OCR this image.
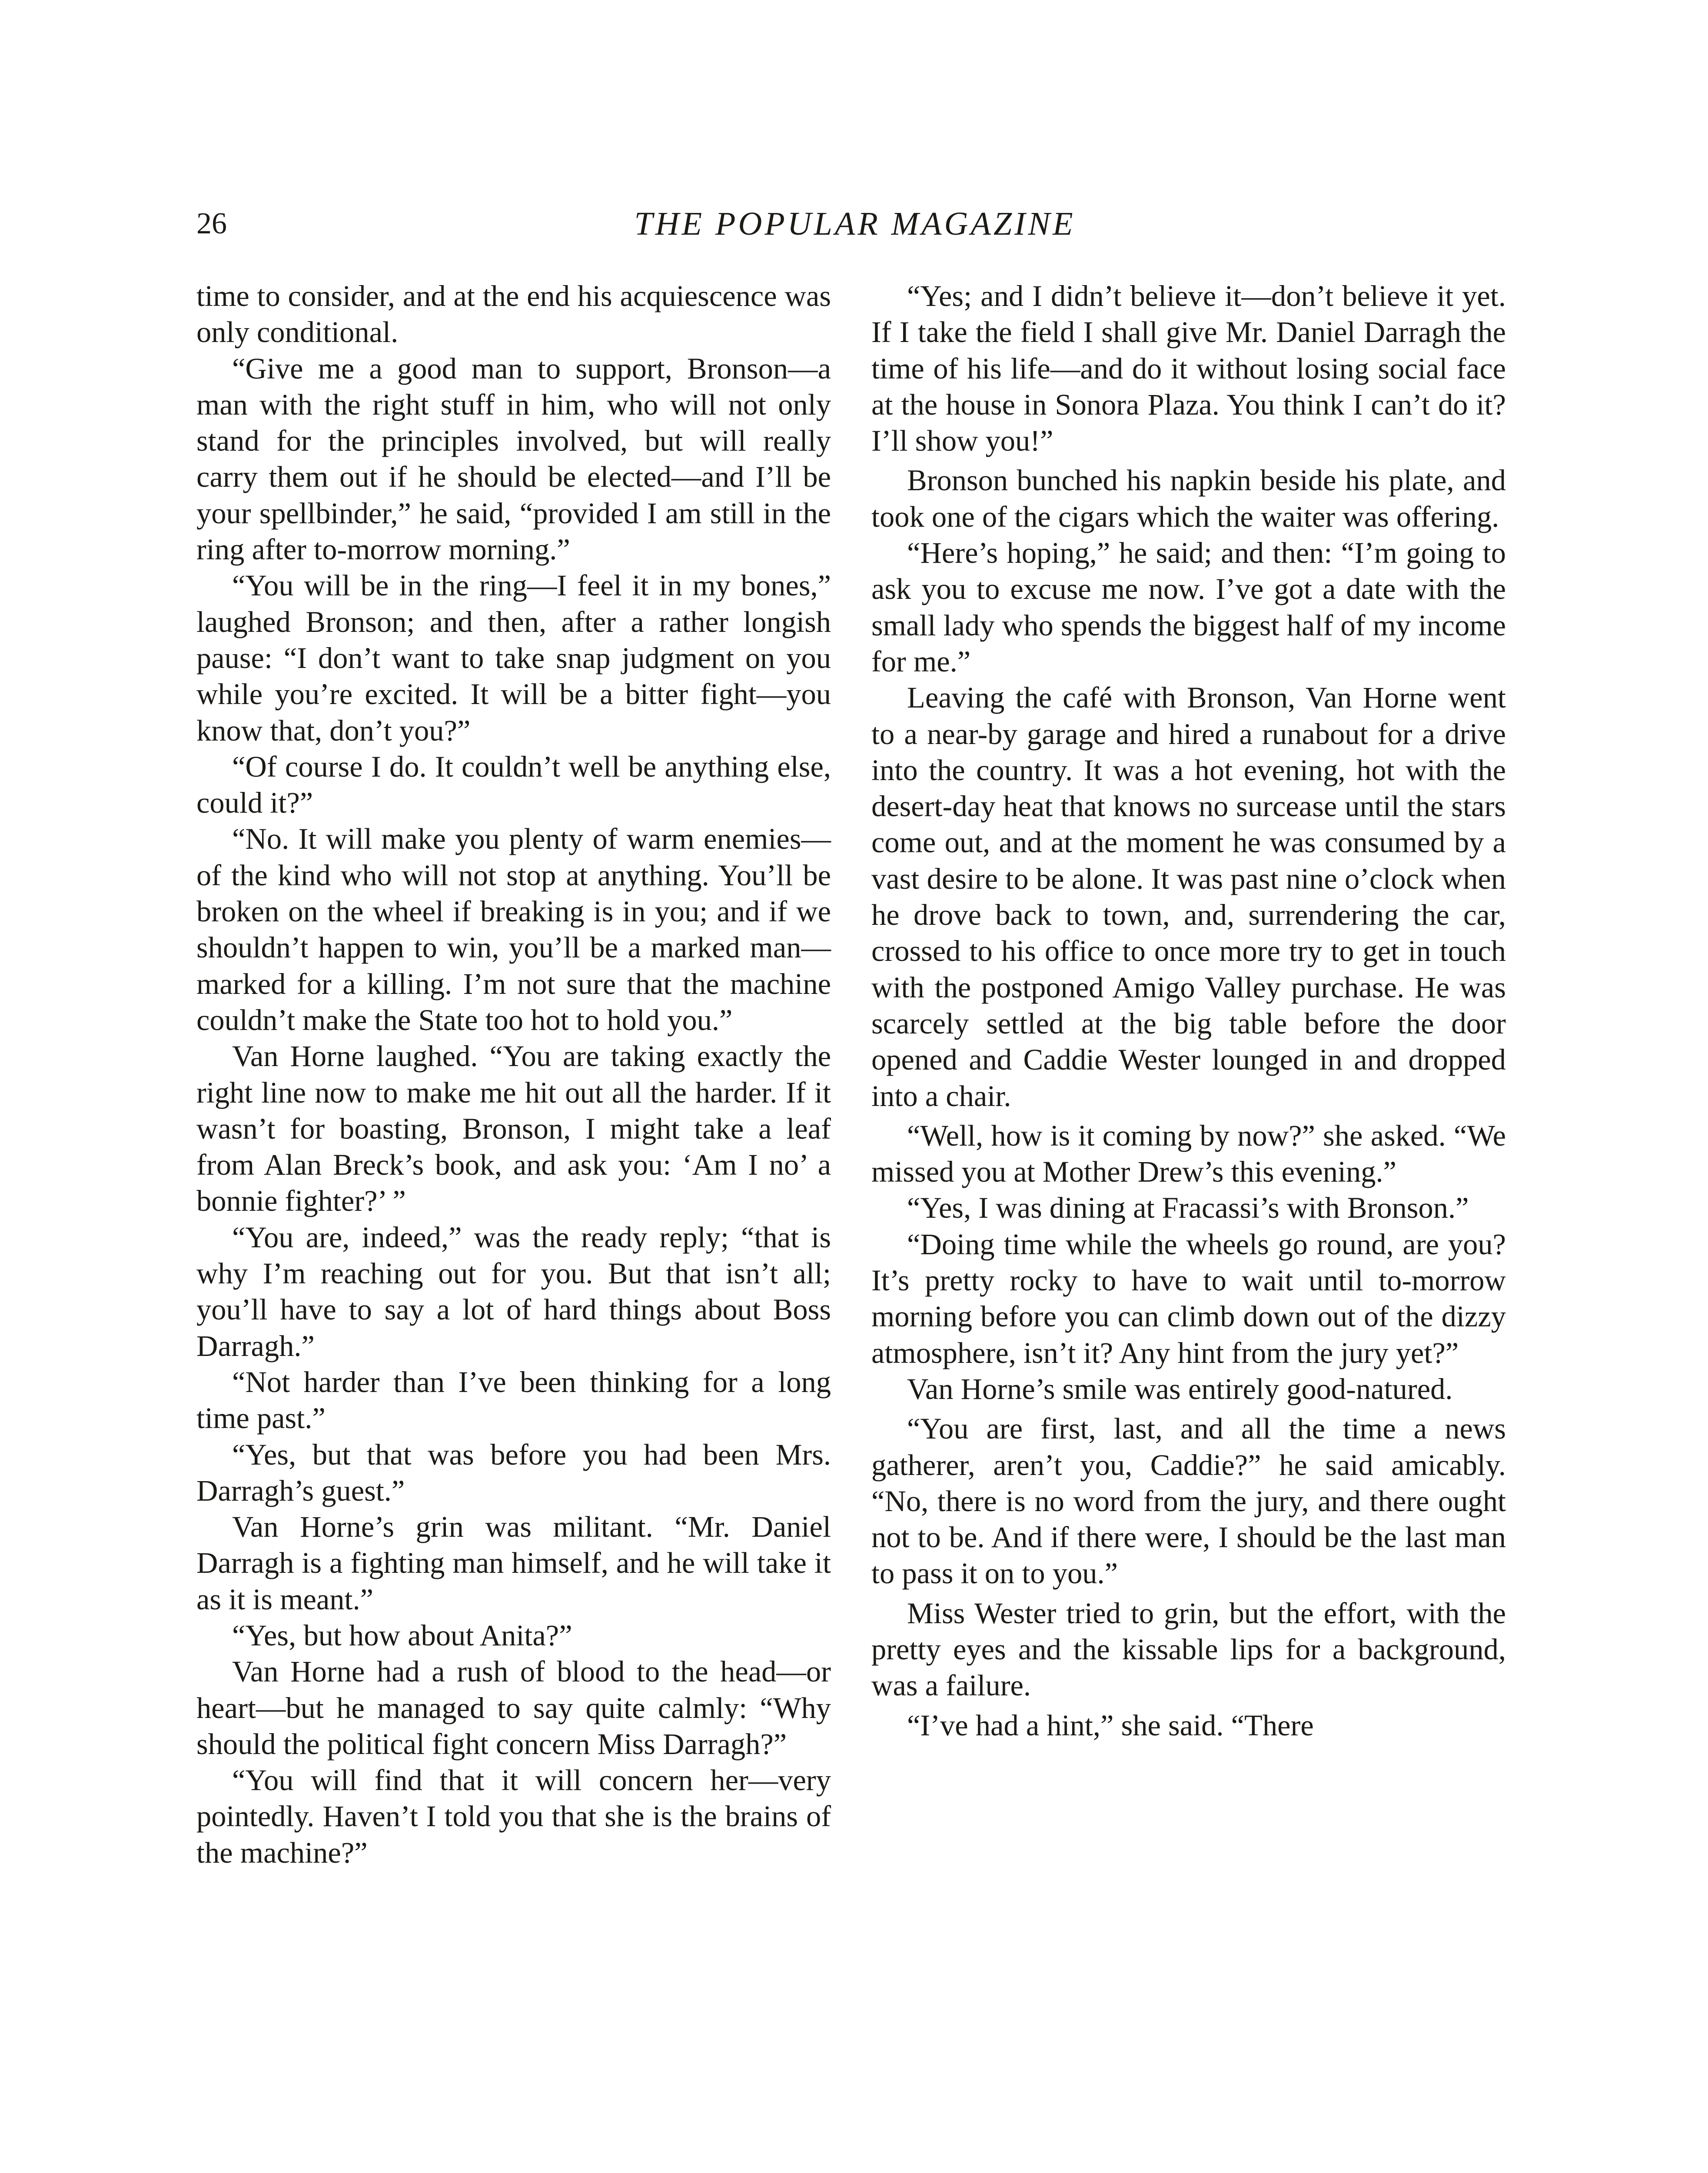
26	THE POPULAR MAGAZINE

time to consider, and at the end his acquiescence was only conditional.

“Give me a good man to support, Bronson—a man with the right stuff in him, who will not only stand for the principles involved, but will really carry them out if he should be elected—and I’ll be your spellbinder,” he said, “provided I am still in the ring after to-morrow morning.”

“You will be in the ring—I feel it in my bones,” laughed Bronson; and then, after a rather longish pause: “I don’t want to take snap judgment on you while you’re excited. It will be a bitter fight—you know that, don’t you?”

“Of course I do. It couldn’t well be anything else, could it?”

“No. It will make you plenty of warm enemies—of the kind who will not stop at anything. You’ll be broken on the wheel if breaking is in you; and if we shouldn’t happen to win, you’ll be a marked man—marked for a killing. I’m not sure that the machine couldn’t make the State too hot to hold you.”

Van Horne laughed. “You are taking exactly the right line now to make me hit out all the harder. If it wasn’t for boasting, Bronson, I might take a leaf from Alan Breck’s book, and ask you: ‘Am I no’ a bonnie fighter?’ ”

“You are, indeed,” was the ready reply; “that is why I’m reaching out for you. But that isn’t all; you’ll have to say a lot of hard things about Boss Darragh.”

“Not harder than I’ve been thinking for a long time past.”

“Yes, but that was before you had been Mrs. Darragh’s guest.”

Van Horne’s grin was militant. “Mr. Daniel Darragh is a fighting man himself, and he will take it as it is meant.”

“Yes, but how about Anita?”

Van Horne had a rush of blood to the head—or heart—but he managed to say quite calmly: “Why should the political fight concern Miss Darragh?”

“You will find that it will concern her—very pointedly. Haven’t I told you that she is the brains of the machine?”

“Yes; and I didn’t believe it—don’t believe it yet. If I take the field I shall give Mr. Daniel Darragh the time of his life—and do it without losing social face at the house in Sonora Plaza. You think I can’t do it? I’ll show you!”

Bronson bunched his napkin beside his plate, and took one of the cigars which the waiter was offering.

“Here’s hoping,” he said; and then: “I’m going to ask you to excuse me now. I’ve got a date with the small lady who spends the biggest half of my income for me.”

Leaving the café with Bronson, Van Horne went to a near-by garage and hired a runabout for a drive into the country. It was a hot evening, hot with the desert-day heat that knows no surcease until the stars come out, and at the moment he was consumed by a vast desire to be alone. It was past nine o’clock when he drove back to town, and, surrendering the car, crossed to his office to once more try to get in touch with the postponed Amigo Valley purchase. He was scarcely settled at the big table before the door opened and Caddie Wester lounged in and dropped into a chair.

“Well, how is it coming by now?” she asked. “We missed you at Mother Drew’s this evening.”

“Yes, I was dining at Fracassi’s with Bronson.”

“Doing time while the wheels go round, are you? It’s pretty rocky to have to wait until to-morrow morning before you can climb down out of the dizzy atmosphere, isn’t it? Any hint from the jury yet?”

Van Horne’s smile was entirely good-natured.

“You are first, last, and all the time a news gatherer, aren’t you, Caddie?” he said amicably. “No, there is no word from the jury, and there ought not to be. And if there were, I should be the last man to pass it on to you.”

Miss Wester tried to grin, but the effort, with the pretty eyes and the kissable lips for a background, was a failure.

“I’ve had a hint,” she said. “There
